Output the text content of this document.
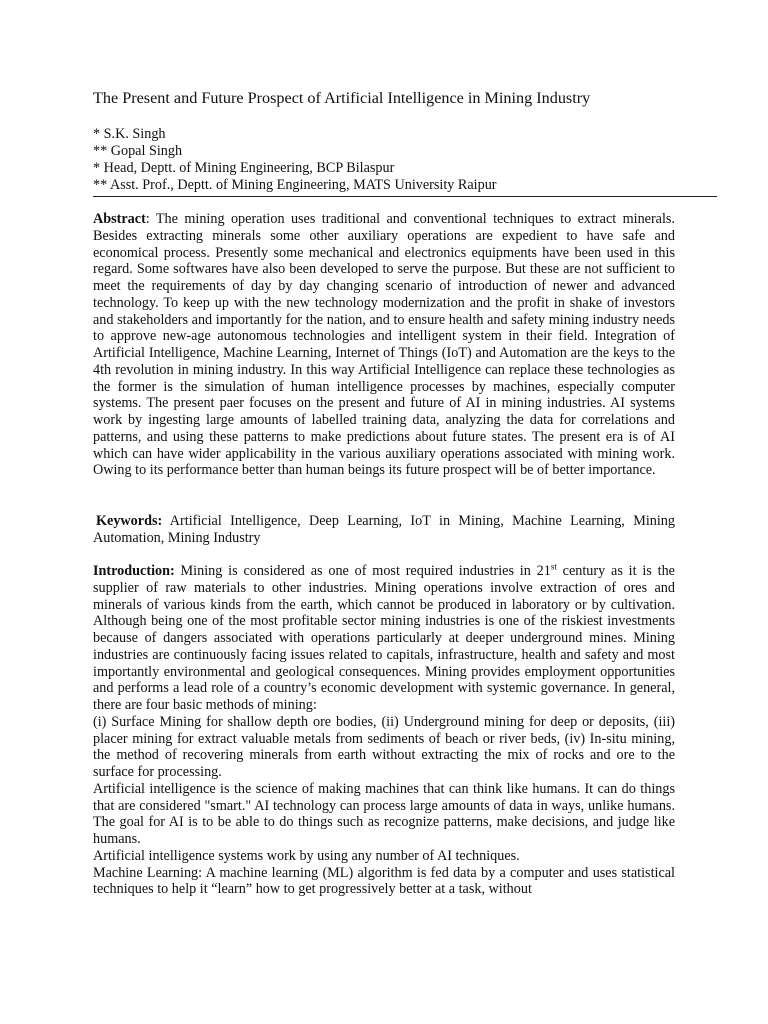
The Present and Future Prospect of Artificial Intelligence in Mining Industry
* S.K. Singh
** Gopal Singh
* Head, Deptt. of Mining Engineering, BCP Bilaspur
** Asst. Prof., Deptt. of Mining Engineering, MATS University Raipur
Abstract: The mining operation uses traditional and conventional techniques to extract minerals. Besides extracting minerals some other auxiliary operations are expedient to have safe and economical process. Presently some mechanical and electronics equipments have been used in this regard. Some softwares have also been developed to serve the purpose. But these are not sufficient to meet the requirements of day by day changing scenario of introduction of newer and advanced technology. To keep up with the new technology modernization and the profit in shake of investors and stakeholders and importantly for the nation, and to ensure health and safety mining industry needs to approve new-age autonomous technologies and intelligent system in their field. Integration of Artificial Intelligence, Machine Learning, Internet of Things (IoT) and Automation are the keys to the 4th revolution in mining industry. In this way Artificial Intelligence can replace these technologies as the former is the simulation of human intelligence processes by machines, especially computer systems. The present paer focuses on the present and future of AI in mining industries. AI systems work by ingesting large amounts of labelled training data, analyzing the data for correlations and patterns, and using these patterns to make predictions about future states. The present era is of AI which can have wider applicability in the various auxiliary operations associated with mining work. Owing to its performance better than human beings its future prospect will be of better importance.
Keywords: Artificial Intelligence, Deep Learning, IoT in Mining, Machine Learning, Mining Automation, Mining Industry
Introduction: Mining is considered as one of most required industries in 21st century as it is the supplier of raw materials to other industries. Mining operations involve extraction of ores and minerals of various kinds from the earth, which cannot be produced in laboratory or by cultivation. Although being one of the most profitable sector mining industries is one of the riskiest investments because of dangers associated with operations particularly at deeper underground mines. Mining industries are continuously facing issues related to capitals, infrastructure, health and safety and most importantly environmental and geological consequences. Mining provides employment opportunities and performs a lead role of a country’s economic development with systemic governance. In general, there are four basic methods of mining:
(i) Surface Mining for shallow depth ore bodies, (ii) Underground mining for deep or deposits, (iii) placer mining for extract valuable metals from sediments of beach or river beds, (iv) In-situ mining, the method of recovering minerals from earth without extracting the mix of rocks and ore to the surface for processing.
Artificial intelligence is the science of making machines that can think like humans. It can do things that are considered "smart." AI technology can process large amounts of data in ways, unlike humans. The goal for AI is to be able to do things such as recognize patterns, make decisions, and judge like humans.
Artificial intelligence systems work by using any number of AI techniques.
Machine Learning: A machine learning (ML) algorithm is fed data by a computer and uses statistical techniques to help it “learn” how to get progressively better at a task, without
